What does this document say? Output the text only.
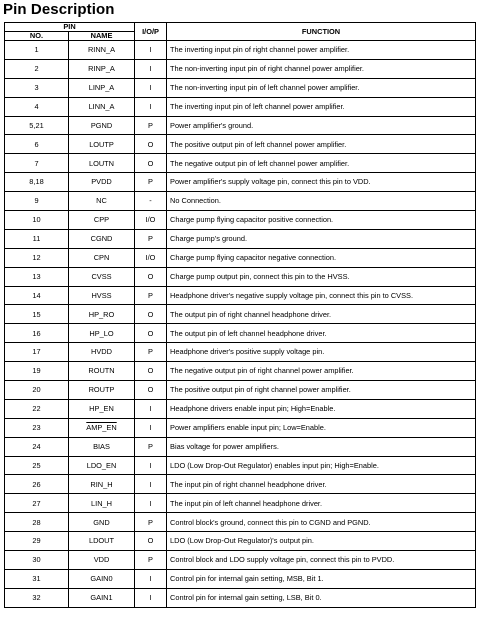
Pin Description
PIN		I/O/P	FUNCTION
NO.	NAME		
1	RINN_A	I	The inverting input pin of right channel power amplifier.
2	RINP_A	I	The non-inverting input pin of right channel power amplifier.
3	LINP_A	I	The non-inverting input pin of left channel power amplifier.
4	LINN_A	I	The inverting input pin of left channel power amplifier.
5,21	PGND	P	Power amplifier's ground.
6	LOUTP	O	The positive output pin of left channel power amplifier.
7	LOUTN	O	The negative output pin of left channel power amplifier.
8,18	PVDD	P	Power amplifier's supply voltage pin, connect this pin to VDD.
9	NC	-	No Connection.
10	CPP	I/O	Charge pump flying capacitor positive connection.
11	CGND	P	Charge pump's ground.
12	CPN	I/O	Charge pump flying capacitor negative connection.
13	CVSS	O	Charge pump output pin, connect this pin to the HVSS.
14	HVSS	P	Headphone driver's negative supply voltage pin, connect this pin to CVSS.
15	HP_RO	O	The output pin of right channel headphone driver.
16	HP_LO	O	The output pin of left channel headphone driver.
17	HVDD	P	Headphone driver's positive supply voltage pin.
19	ROUTN	O	The negative output pin of right channel power amplifier.
20	ROUTP	O	The positive output pin of right channel power amplifier.
22	HP_EN	I	Headphone drivers enable input pin; High=Enable.
23	AMP_EN	I	Power amplifiers enable input pin; Low=Enable.
24	BIAS	P	Bias voltage for power amplifiers.
25	LDO_EN	I	LDO (Low Drop-Out Regulator) enables input pin; High=Enable.
26	RIN_H	I	The input pin of right channel headphone driver.
27	LIN_H	I	The input pin of left channel headphone driver.
28	GND	P	Control block's ground, connect this pin to CGND and PGND.
29	LDOUT	O	LDO (Low Drop-Out Regulator)'s output pin.
30	VDD	P	Control block and LDO supply voltage pin, connect this pin to PVDD.
31	GAIN0	I	Control pin for internal gain setting, MSB, Bit 1.
32	GAIN1	I	Control pin for internal gain setting, LSB, Bit 0.
